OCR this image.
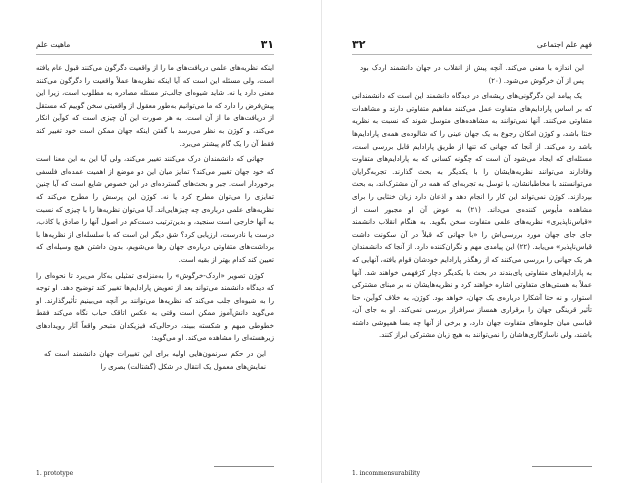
۳۱
ماهیت علم

اینکه نظریه‌های علمی دریافت‌های ما را از واقعیت دگرگون می‌کنند قبول عام یافته است، ولی مسئله این است که آیا اینکه نظریه‌ها عملاً واقعیت را دگرگون می‌کنند معنی دارد یا نه. شاید شیوه‌ای جالب‌تر مسئله مصادره به مطلوب است، زیرا این پیش‌فرض را دارد که ما می‌توانیم به‌طور معقول از واقعیتی سخن گوییم که مستقل از دریافت‌های ما از آن است. به هر صورت این آن چیزی است که کوآین انکار می‌کند، و کوژن به نظر می‌رسد با گفتن اینکه جهان ممکن است خود تغییر کند فقط آن را یک گام پیشتر می‌برد.

جهانی که دانشمندان درک می‌کنند تغییر می‌کند، ولی آیا این به این معنا است که خود جهان تغییر می‌کند؟ تمایز میان این دو موضع از اهمیت عمده‌ای فلسفی برخوردار است. جبر و بحث‌های گسترده‌ای در این خصوص شایع است که آیا چنین تمایزی را می‌توان مطرح کرد یا نه. کوژن این پرسش را مطرح می‌کند که نظریه‌های علمی درباره‌ی چه چیزهایی‌اند. آیا می‌توان نظریه‌ها را با چیزی که نسبت به آنها خارجی است سنجید، و بدین‌ترتیب دست‌کم در اصول آنها را صادق یا کاذب، درست یا نادرست، ارزیابی کرد؟ شق دیگر این است که با سلسله‌ای از نظریه‌ها با برداشت‌های متفاوتی درباره‌ی جهان رها می‌شویم، بدون داشتن هیچ وسیله‌ای که تعیین کند کدام بهتر از بقیه است.

کوژن تصویر «اردک-خرگوش» را به‌منزله‌ی تمثیلی به‌کار می‌برد تا نحوه‌ای را که دیدگاه دانشمند می‌تواند بعد از تعویض پارادایم‌ها تغییر کند توضیح دهد. او توجه را به شیوه‌ای جلب می‌کند که نظریه‌ها می‌توانند بر آنچه می‌بینیم تأثیرگذارند. او می‌گوید دانش‌آموز ممکن است وقتی به عکس اتاقک حباب نگاه می‌کند فقط خطوطی مبهم و شکسته ببیند، درحالی‌که فیزیکدان متبحر واقعاً آثار رویدادهای زیرهسته‌ای را مشاهده می‌کند. او می‌گوید:

این در حکم سرنمون‌هایی اولیه برای این تغییرات جهان دانشمند است که نمایش‌های معمول یک انتقال در شکل (گشتالت) بصری را

1. prototype
۳۲	فهم علم اجتماعی

این اندازه با معنی می‌کند. آنچه پیش از انقلاب در جهان دانشمند اردک بود پس از آن خرگوش می‌شود. (۲۰)

یک پیامد این دگرگونی‌های ریشه‌ای در دیدگاه دانشمند این است که دانشمندانی که بر اساس پارادایم‌های متفاوت عمل می‌کنند مفاهیم متفاوتی دارند و مشاهدات متفاوتی می‌کنند. آنها نمی‌توانند به مشاهده‌های متوسل شوند که نسبت به نظریه خنثا باشد، و کوژن امکان رجوع به یک جهان عینی را که شالوده‌ی همه‌ی پارادایم‌ها باشد رد می‌کند. از آنجا که جهانی که تنها از طریق پارادایم قابل بررسی است، مسئله‌ای که ایجاد می‌شود آن است که چگونه کسانی که به پارادایم‌های متفاوت وفادارند می‌توانند نظریه‌هایشان را با یکدیگر به بحث گذارند. تجربه‌گرایان می‌توانستند با مخاطبانشان، با توسل به تجربه‌ای که همه در آن مشترک‌اند، به بحث بپردازند. کوژن نمی‌تواند این کار را انجام دهد و اذعان دارد زبان خنثایی را برای مشاهده مأیوس کننده‌ی می‌داند. (۲۱) به عوض آن او مجبور است از «قیاس‌ناپذیری» نظریه‌های علمی متفاوت سخن بگوید. به هنگام انقلاب دانشمند جای جای جهان مورد بررسی‌اش را «با جهانی که قبلاً در آن سکونت داشت قیاس‌ناپذیر» می‌یابد. (۲۲) این پیامدی مهم و نگران‌کننده دارد. از آنجا که دانشمندان هر یک جهانی را بررسی می‌کنند که از رهگذر پارادایم خودشان قوام یافته، آنهایی که به پارادایم‌های متفاوتی پای‌بندند در بحث با یکدیگر دچار کژفهمی خواهند شد. آنها عملاً به هستی‌های متفاوتی اشاره خواهند کرد و نظریه‌هایشان نه بر مبنای مشترکی استوار، و نه حتا آشکارا درباره‌ی یک جهان، خواهد بود. کوژن، به خلاف کوآین، حتا تأثیر قرینگی جهان را برقراری همساز سرافراز بررسی نمی‌کند. او به جای آن، قیاسی میان جلوه‌های متفاوت جهان دارد، و برخی از آنها چه بسا همپوشی داشته باشند، ولی ناسازگاری‌هاشان را نمی‌توانند به هیچ زبان مشترکی ابراز کنند.

1. incommensurability
